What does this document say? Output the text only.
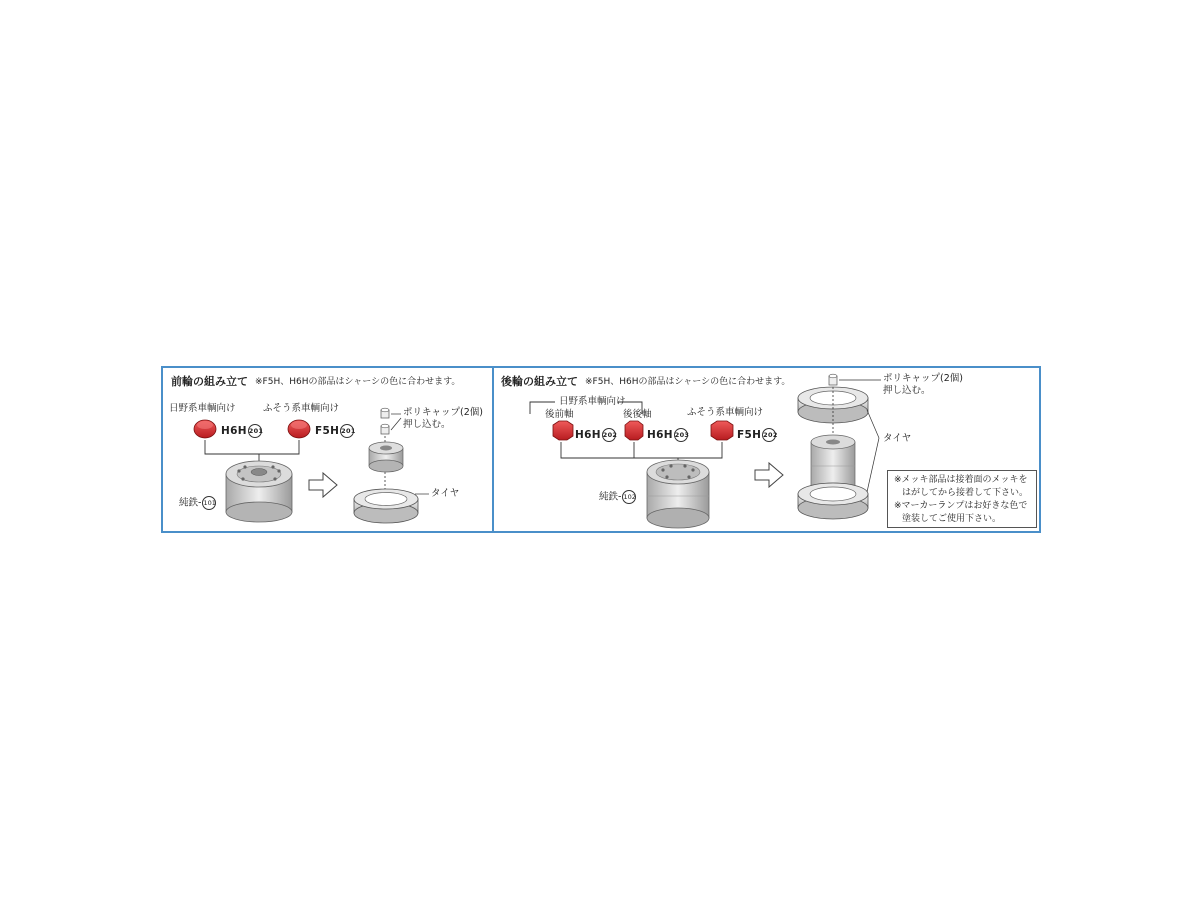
前輪の組み立て ※F5H、H6Hの部品はシャーシの色に合わせます。
日野系車輌向け	ふそう系車輌向け
H6H 201	F5H 201
純鉄- 101
ポリキャップ(2個)
押し込む。
タイヤ
後輪の組み立て ※F5H、H6Hの部品はシャーシの色に合わせます。
日野系車輌向け
後前軸	後後軸	ふそう系車輌向け
H6H 202	H6H 203	F5H 202
純鉄- 102
ポリキャップ(2個)
押し込む。
タイヤ
※メッキ部品は接着面のメッキを
はがしてから接着して下さい。
※マーカーランプはお好きな色で
塗装してご使用下さい。
